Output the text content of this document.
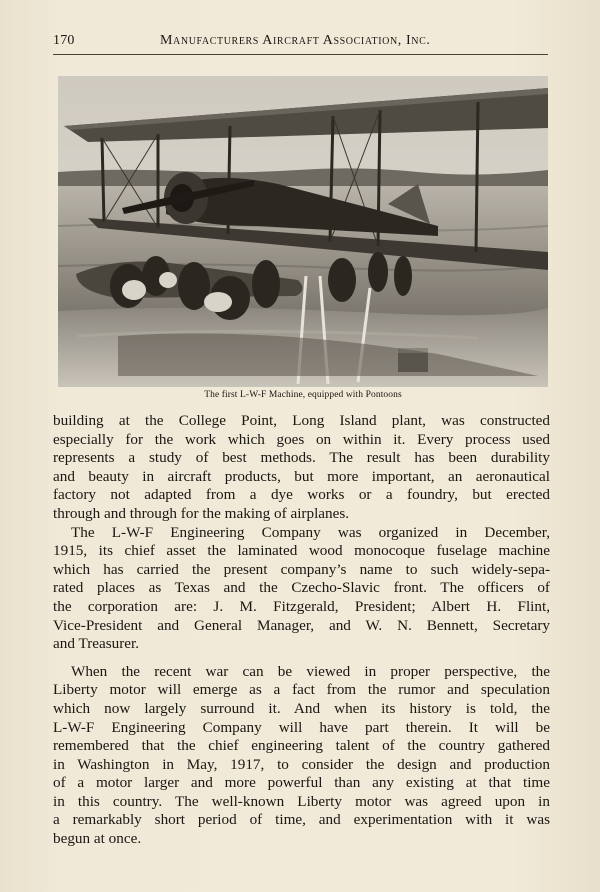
170	Manufacturers Aircraft Association, Inc.
The first L-W-F Machine, equipped with Pontoons

building at the College Point, Long Island plant, was constructed
especially for the work which goes on within it. Every process used
represents a study of best methods. The result has been durability
and beauty in aircraft products, but more important, an aeronautical
factory not adapted from a dye works or a foundry, but erected
through and through for the making of airplanes.

The L-W-F Engineering Company was organized in December,
1915, its chief asset the laminated wood monocoque fuselage machine
which has carried the present company’s name to such widely-sepa-
rated places as Texas and the Czecho-Slavic front. The officers of
the corporation are: J. M. Fitzgerald, President; Albert H. Flint,
Vice-President and General Manager, and W. N. Bennett, Secretary
and Treasurer.

When the recent war can be viewed in proper perspective, the
Liberty motor will emerge as a fact from the rumor and speculation
which now largely surround it. And when its history is told, the
L-W-F Engineering Company will have part therein. It will be
remembered that the chief engineering talent of the country gathered
in Washington in May, 1917, to consider the design and production
of a motor larger and more powerful than any existing at that time
in this country. The well-known Liberty motor was agreed upon in
a remarkably short period of time, and experimentation with it was
begun at once.
